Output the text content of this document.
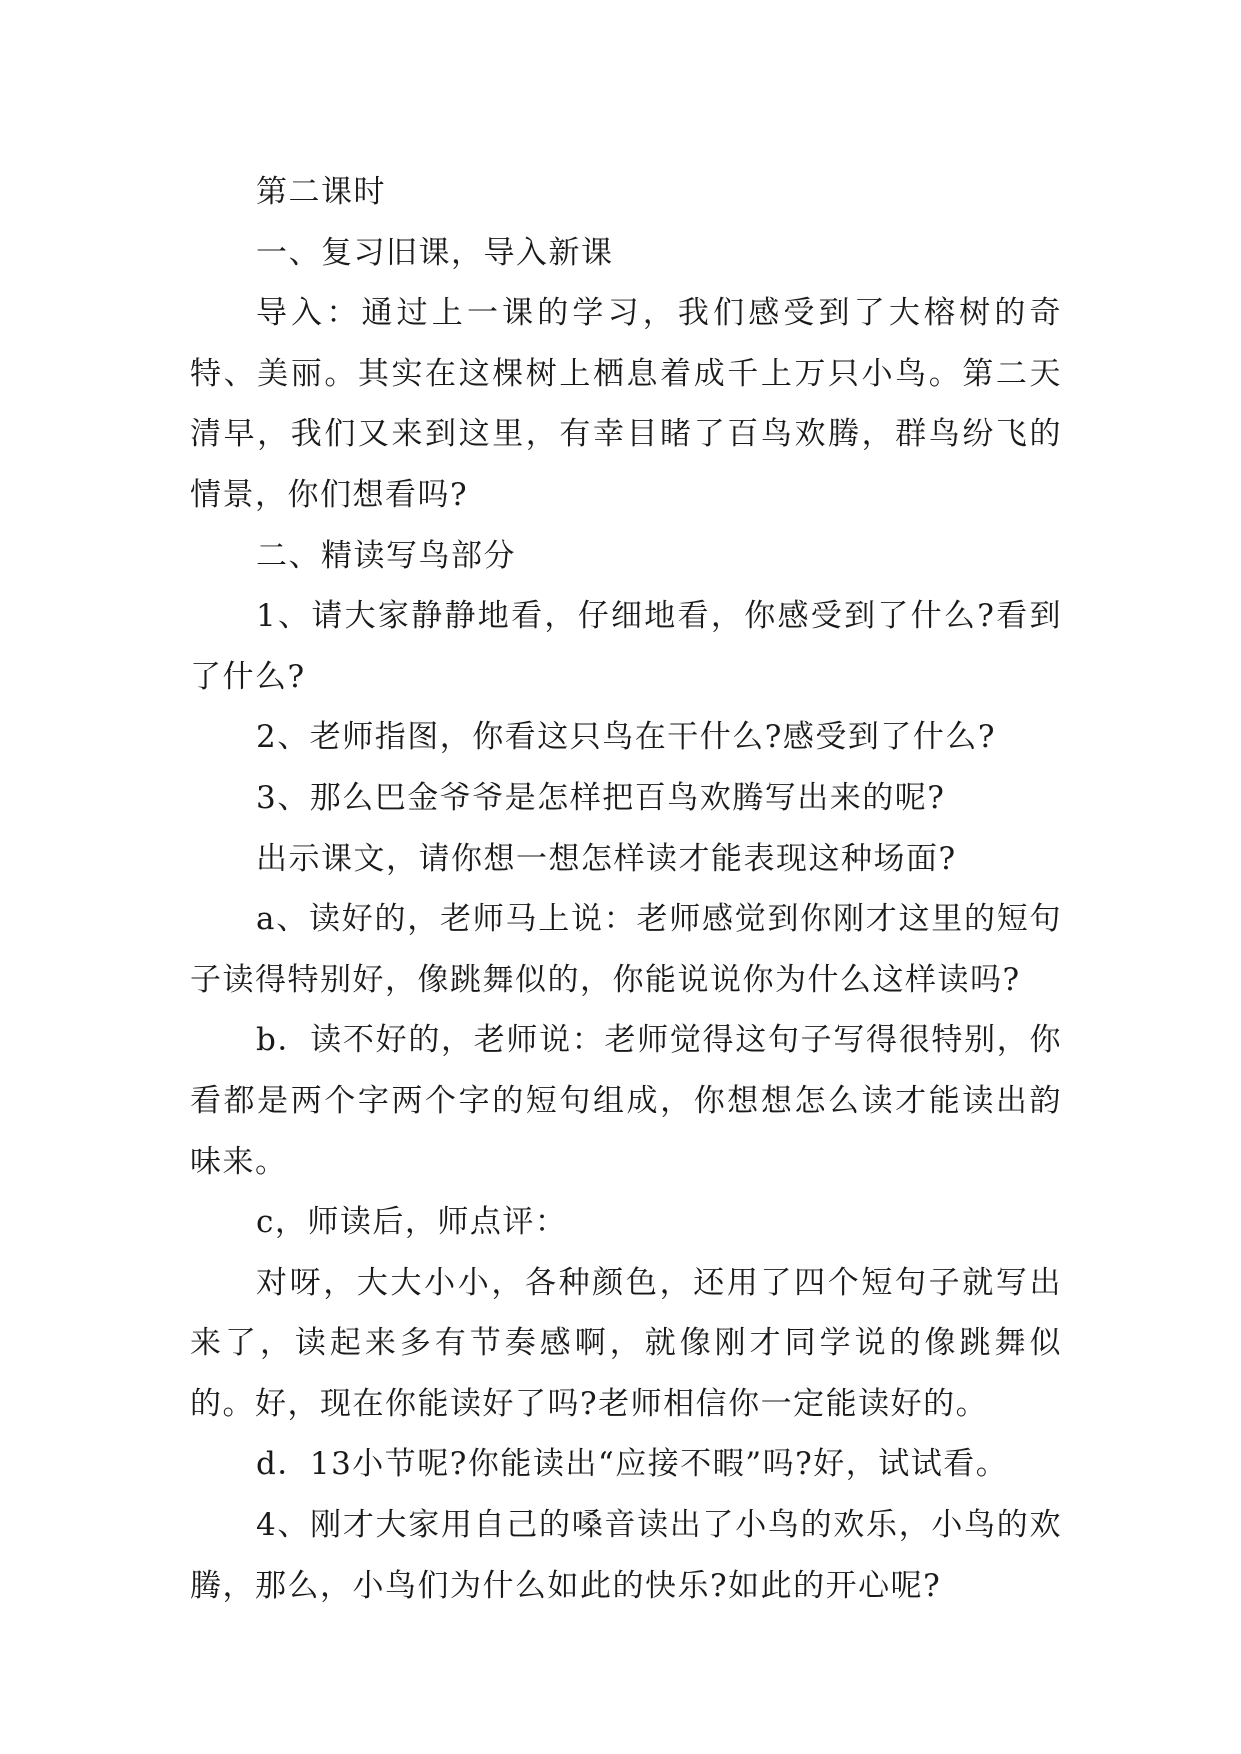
第二课时

一、复习旧课，导入新课

导入：通过上一课的学习，我们感受到了大榕树的奇特、美丽。其实在这棵树上栖息着成千上万只小鸟。第二天清早，我们又来到这里，有幸目睹了百鸟欢腾，群鸟纷飞的情景，你们想看吗?

二、精读写鸟部分

1、请大家静静地看，仔细地看，你感受到了什么?看到了什么?

2、老师指图，你看这只鸟在干什么?感受到了什么?

3、那么巴金爷爷是怎样把百鸟欢腾写出来的呢?

出示课文，请你想一想怎样读才能表现这种场面?

a、读好的，老师马上说：老师感觉到你刚才这里的短句子读得特别好，像跳舞似的，你能说说你为什么这样读吗?

b．读不好的，老师说：老师觉得这句子写得很特别，你看都是两个字两个字的短句组成，你想想怎么读才能读出韵味来。

c，师读后，师点评：

对呀，大大小小，各种颜色，还用了四个短句子就写出来了，读起来多有节奏感啊，就像刚才同学说的像跳舞似的。好，现在你能读好了吗?老师相信你一定能读好的。

d．13小节呢?你能读出“应接不暇”吗?好，试试看。

4、刚才大家用自己的嗓音读出了小鸟的欢乐，小鸟的欢腾，那么，小鸟们为什么如此的快乐?如此的开心呢?
